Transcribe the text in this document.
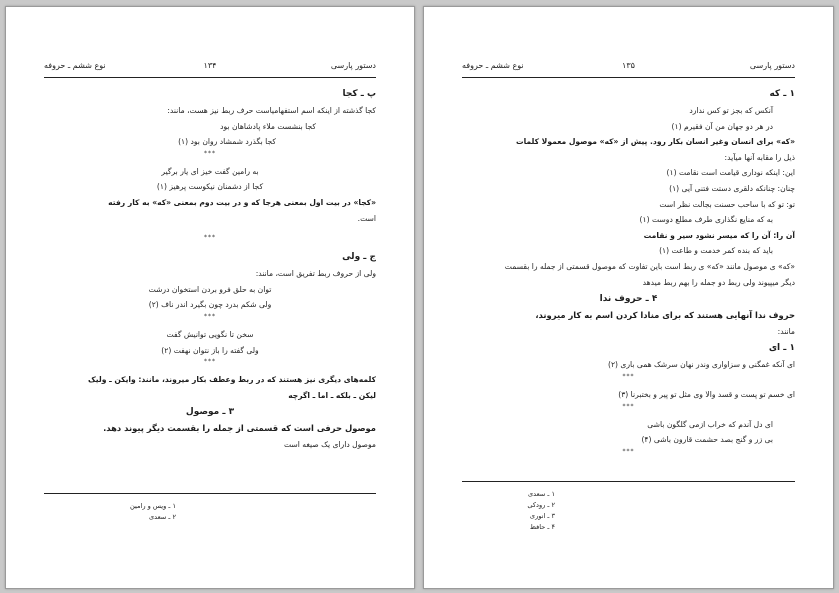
دستور پارسی
۱۳۴
نوع ششم ـ حروفه
پ ـ کجا
کجا گذشته از اینکه اسم استفهامیاست حرف ربط نیز هست، مانند:
کجا بنشست ملاء پادشاهان بود
کجا بگذرد شمشاد روان بود (۱)
***
به رامین گفت خیز ای یار برگیر
کجا از دشمنان نیکوست پرهیز (۱)
«کجا» در بیت اول بمعنی هرجا که و در بیت دوم بمعنی «که» به کار رفته
است.
***
ج ـ ولی
ولی از حروف ربط تفریق است، مانند:
توان به حلق فرو بردن استخوان درشت
ولی شکم بدرد چون بگیرد اندر ناف (۲)
***
سخن تا نگویی توانیش گفت
ولی گفته را باز نتوان نهفت (۲)
***
کلمه‌های دیگری نیز هستند که در ربط وعطف بکار میروند، مانند: وایکن ـ ولیک
لیکن ـ بلکه ـ اما ـ اگرچه
۳ ـ موصول
موصول حرفی است که قسمتی از جمله را بقسمت دیگر پیوند دهد.
موصول دارای یک صیغه است
۱ ـ ویس و رامین
۲ ـ سعدی
دستور پارسی
۱۳۵
نوع ششم ـ حروفه
۱ ـ که
آنکس که بجز تو کس ندارد
در هر دو جهان من آن فقیرم (۱)
«که» برای انسان وغیر انسان بکار رود. پیش از «که» موصول معمولا کلمات
ذیل را مقابه آنها میآید:
این: اینکه نوداری قیامت است نقامت (۱)
چنان: چنانکه دلقری دستت فتنی آیی (۱)
تو: تو که با ساحب حسنت بجالت نظر است
به که منایع نگذاری طرف مطلع دوست (۱)
آن را: آن را که میسر نشود سیر و نقامت
باید که بنده کمر خدمت و طاعت (۱)
«که» ی موصول مانند «که» ی ربط است باین تفاوت که موصول قسمتی از جمله را بقسمت
دیگر میپیوند ولی ربط دو جمله را بهم ربط میدهد
۴ ـ حروف ندا
حروف ندا آنهایی هستند که برای منادا کردن اسم به کار میروند،
مانند:
۱ ـ ای
ای آنکه غمگنی و سزاواری وندر نهان سرشک همی باری (۲)
***
ای خسم تو پست و قسد والا وی مثل تو پیر و بختبرنا (۳)
***
ای دل آندم که خراب ازمی گلگون باشی
بی زر و گنج بصد حشمت قارون باشی (۴)
***
۱ ـ سعدی
۲ ـ رودکی
۳ ـ انوری
۴ ـ حافظ
